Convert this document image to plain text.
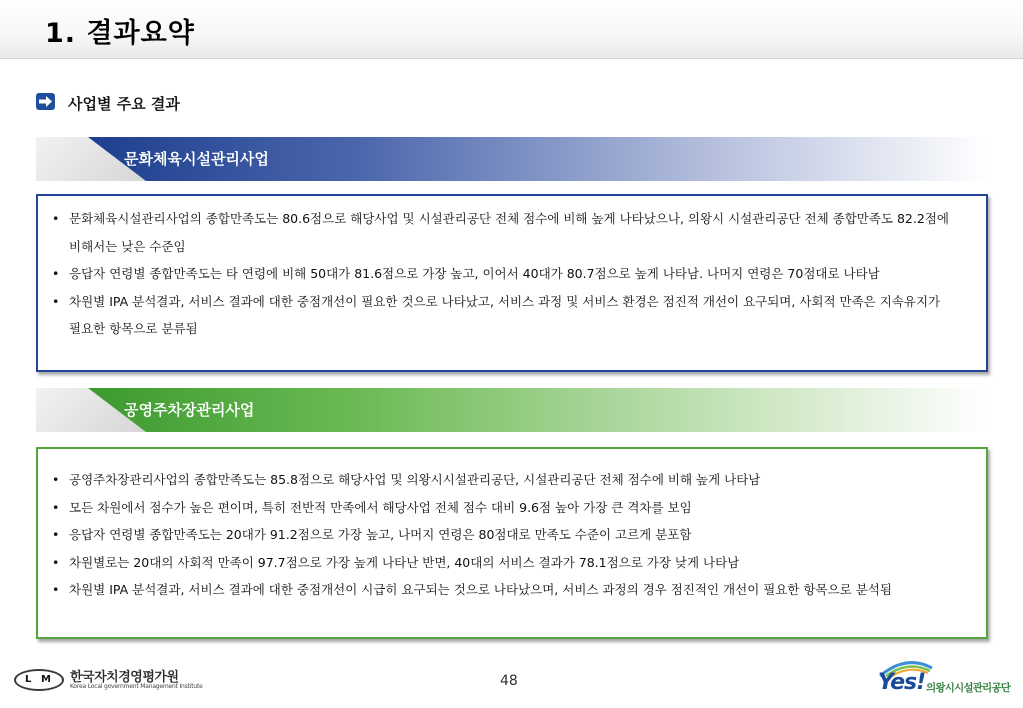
1. 결과요약
사업별 주요 결과
문화체육시설관리사업
• 문화체육시설관리사업의 종합만족도는 80.6점으로 해당사업 및 시설관리공단 전체 점수에 비해 높게 나타났으나, 의왕시 시설관리공단 전체 종합만족도 82.2점에 비해서는 낮은 수준임
• 응답자 연령별 종합만족도는 타 연령에 비해 50대가 81.6점으로 가장 높고, 이어서 40대가 80.7점으로 높게 나타남. 나머지 연령은 70점대로 나타남
• 차원별 IPA 분석결과, 서비스 결과에 대한 중점개선이 필요한 것으로 나타났고, 서비스 과정 및 서비스 환경은 점진적 개선이 요구되며, 사회적 만족은 지속유지가 필요한 항목으로 분류됨
공영주차장관리사업
• 공영주차장관리사업의 종합만족도는 85.8점으로 해당사업 및 의왕시시설관리공단, 시설관리공단 전체 점수에 비해 높게 나타남
• 모든 차원에서 점수가 높은 편이며, 특히 전반적 만족에서 해당사업 전체 점수 대비 9.6점 높아 가장 큰 격차를 보임
• 응답자 연령별 종합만족도는 20대가 91.2점으로 가장 높고, 나머지 연령은 80점대로 만족도 수준이 고르게 분포함
• 차원별로는 20대의 사회적 만족이 97.7점으로 가장 높게 나타난 반면, 40대의 서비스 결과가 78.1점으로 가장 낮게 나타남
• 차원별 IPA 분석결과, 서비스 결과에 대한 중점개선이 시급히 요구되는 것으로 나타났으며, 서비스 과정의 경우 점진적인 개선이 필요한 항목으로 분석됨
L M 한국자치경영평가원
Korea Local government Management Institute	48	Yes! 의왕시시설관리공단
